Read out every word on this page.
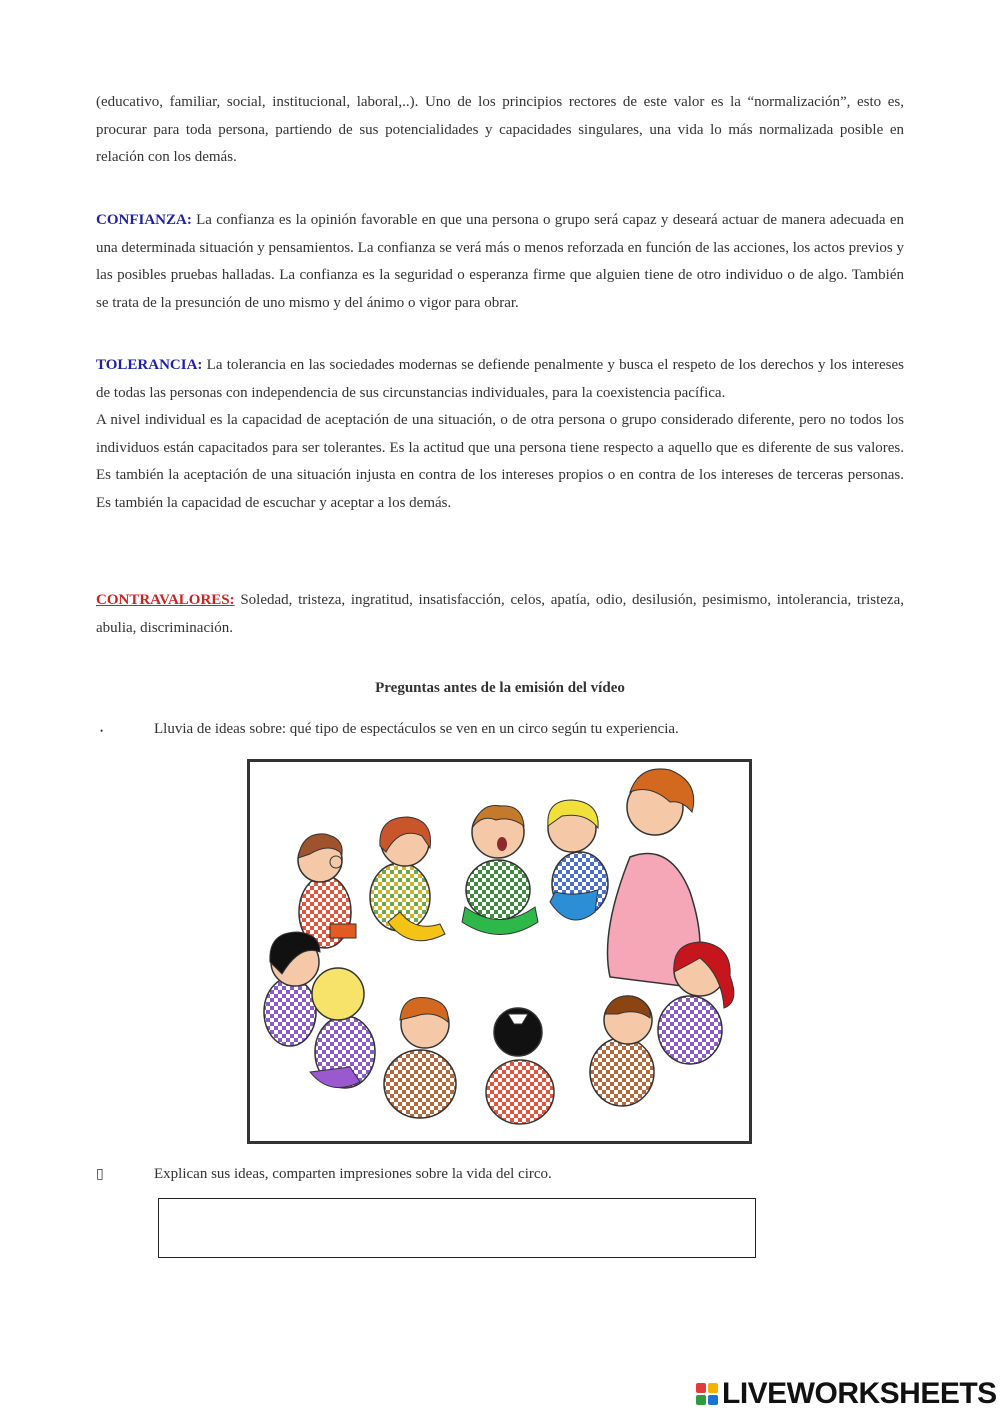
(educativo, familiar, social, institucional, laboral,..). Uno de los principios rectores de este valor es la “normalización”, esto es, procurar para toda persona, partiendo de sus potencialidades y capacidades singulares, una vida lo más normalizada posible en relación con los demás.

CONFIANZA: La confianza es la opinión favorable en que una persona o grupo será capaz y deseará actuar de manera adecuada en una determinada situación y pensamientos. La confianza se verá más o menos reforzada en función de las acciones, los actos previos y las posibles pruebas halladas. La confianza es la seguridad o esperanza firme que alguien tiene de otro individuo o de algo. También se trata de la presunción de uno mismo y del ánimo o vigor para obrar.

TOLERANCIA: La tolerancia en las sociedades modernas se defiende penalmente y busca el respeto de los derechos y los intereses de todas las personas con independencia de sus circunstancias individuales, para la coexistencia pacífica.
A nivel individual es la capacidad de aceptación de una situación, o de otra persona o grupo considerado diferente, pero no todos los individuos están capacitados para ser tolerantes. Es la actitud que una persona tiene respecto a aquello que es diferente de sus valores. Es también la aceptación de una situación injusta en contra de los intereses propios o en contra de los intereses de terceras personas. Es también la capacidad de escuchar y aceptar a los demás.

CONTRAVALORES: Soledad, tristeza, ingratitud, insatisfacción, celos, apatía, odio, desilusión, pesimismo, intolerancia, tristeza, abulia, discriminación.

Preguntas antes de la emisión del vídeo

•	Lluvia de ideas sobre: qué tipo de espectáculos se ven en un circo según tu experiencia.
▯	Explican sus ideas, comparten impresiones sobre la vida del circo.
LIVEWORKSHEETS
